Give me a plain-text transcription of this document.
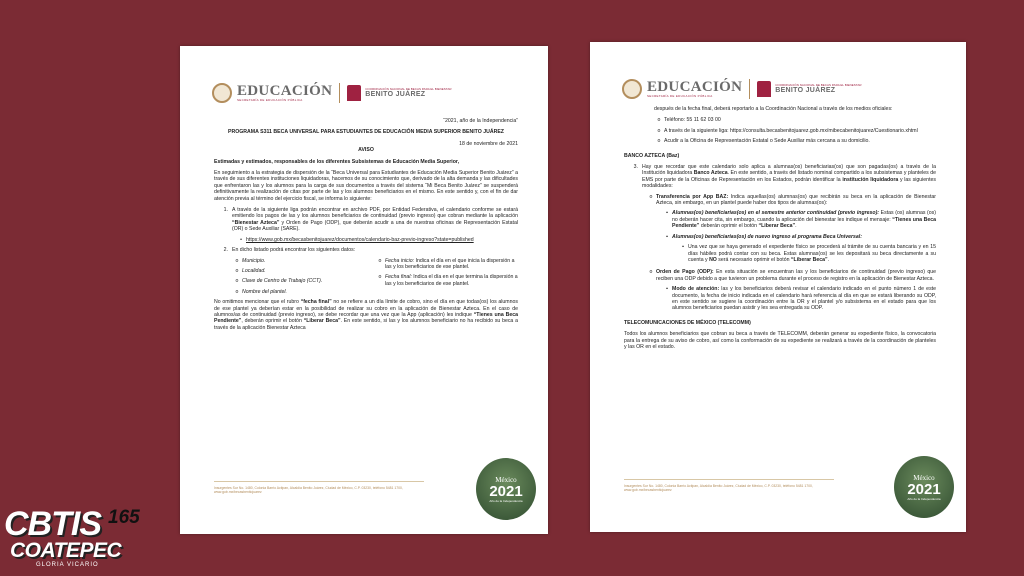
EDUCACIÓN
SECRETARÍA DE EDUCACIÓN PÚBLICA
COORDINACIÓN NACIONAL DE BECAS PARA EL BIENESTAR
BENITO JUÁREZ

“2021, año de la Independencia”

PROGRAMA S311 BECA UNIVERSAL PARA ESTUDIANTES DE EDUCACIÓN MEDIA SUPERIOR BENITO JUÁREZ

18 de noviembre de 2021

AVISO

Estimadas y estimados, responsables de los diferentes Subsistemas de Educación Media Superior,

En seguimiento a la estrategia de dispersión de la “Beca Universal para Estudiantes de Educación Media Superior Benito Juárez” a través de sus diferentes instituciones liquidadoras, hacemos de su conocimiento que, derivado de la alta demanda y las dificultades que enfrentaron las y los alumnos para la carga de sus documentos a través del sistema “Mi Beca Benito Juárez” se suspenderá definitivamente la realización de citas por parte de las y los alumnos beneficiarios en el mismo. En este sentido y, con el fin de dar atención previa al término del ejercicio fiscal, se informa lo siguiente:

1. A través de la siguiente liga podrán encontrar en archivo PDF, por Entidad Federativa, el calendario conforme se estará emitiendo los pagos de las y los alumnos beneficiarios de continuidad (previo ingreso) que cobran mediante la aplicación “Bienestar Azteca” y Orden de Pago (ODP), que deberán acudir a una de nuestras oficinas de Representación Estatal (OR) o Sede Auxiliar (SARE).
• https://www.gob.mx/becasbenitojuarez/documentos/calendario-baz-previo-ingreso?state=published
2. En dicho listado podrá encontrar los siguientes datos:
o Municipio.
o Localidad.
o Clave de Centro de Trabajo (CCT).
o Nombre del plantel.
o Fecha inicio: Indica el día en el que inicia la dispersión a las y los beneficiarios de ese plantel.
o Fecha final: Indica el día en el que termina la dispersión a las y los beneficiarios de ese plantel.

No omitimos mencionar que el rubro “fecha final” no se refiere a un día límite de cobro, sino el día en que todas(os) los alumnos de ese plantel ya deberían estar en la posibilidad de realizar su cobro en la aplicación de Bienestar Azteca. En el caso de alumnos/as de continuidad (previo ingreso), se debe recordar que una vez que la App (aplicación) les indique “Tienes una Beca Pendiente”, deberán oprimir el botón “Liberar Beca”. En este sentido, si las y los alumnos beneficiario no ha recibido su beca a través de la aplicación Bienestar Azteca

Insurgentes Sur No. 1480, Colonia Barrio Actipan, Alcaldía Benito Juárez, Ciudad de México, C.P. 03230, teléfono 5481 1700, www.gob.mx/becasbenitojuarez
México
2021
Año de la Independencia
EDUCACIÓN
SECRETARÍA DE EDUCACIÓN PÚBLICA
COORDINACIÓN NACIONAL DE BECAS PARA EL BIENESTAR
BENITO JUÁREZ

después de la fecha final, deberá reportarlo a la Coordinación Nacional a través de los medios oficiales:

o Teléfono: 55 11 62 03 00
o A través de la siguiente liga: https://consulta.becasbenitojuarez.gob.mx/mibecabenitojuarez/Cuestionario.xhtml
o Acudir a la Oficina de Representación Estatal o Sede Auxiliar más cercana a su domicilio.

BANCO AZTECA (Baz)

3. Hay que recordar que este calendario solo aplica a alumnas(os) beneficiarias(os) que son pagadas(os) a través de la Institución liquidadora Banco Azteca. En este sentido, a través del listado nominal compartido a los subsistemas y planteles de EMS por parte de la Oficinas de Representación en los Estados, podrán identificar la institución liquidadora y las siguientes modalidades:
o Transferencia por App BAZ: Indica aquellas(os) alumnas(os) que recibirán su beca en la aplicación de Bienestar Azteca, sin embargo, en un plantel puede haber dos tipos de alumnas(os):
▪ Alumnas(os) beneficiarias(os) en el semestre anterior continuidad (previo ingreso): Estas (os) alumnas (os) no deberán hacer cita, sin embargo, cuando la aplicación del bienestar les indique el mensaje: “Tienes una Beca Pendiente” deberán oprimir el botón “Liberar Beca”.
▪ Alumnas(os) beneficiarias(os) de nuevo ingreso al programa Beca Universal:
▪ Una vez que se haya generado el expediente físico se procederá al trámite de su cuenta bancaria y en 15 días hábiles podrá contar con su beca. Estas alumnas(os) se les depositará su beca directamente a su cuenta y NO será necesario oprimir el botón “Liberar Beca”.
o Orden de Pago (ODP): En esta situación se encuentran las y los beneficiarios de continuidad (previo ingreso) que reciben una ODP debido a que tuvieron un problema durante el proceso de registro en la aplicación de Bienestar Azteca.
▪ Modo de atención: las y los beneficiarios deberá revisar el calendario indicado en el punto número 1 de este documento, la fecha de inicio indicada en el calendario hará referencia al día en que se estará liberando su ODP, en este sentido se sugiere la coordinación entre la OR y el plantel y/o subsistema en el estado para que los alumnos beneficiarios puedan asistir y les sea entregada su ODP.

TELECOMUNICACIONES DE MÉXICO (TELECOMM)

Todos los alumnos beneficiarios que cobran su beca a través de TELECOMM, deberán generar su expediente físico, la convocatoria para la entrega de su aviso de cobro, así como la conformación de su expediente se realizará a través de la coordinación de planteles y las OR en el estado.

Insurgentes Sur No. 1480, Colonia Barrio Actipan, Alcaldía Benito Juárez, Ciudad de México, C.P. 03230, teléfono 5481 1700, www.gob.mx/becasbenitojuarez
México
2021
Año de la Independencia
CBTIS 165
COATEPEC
GLORIA VICARIO
